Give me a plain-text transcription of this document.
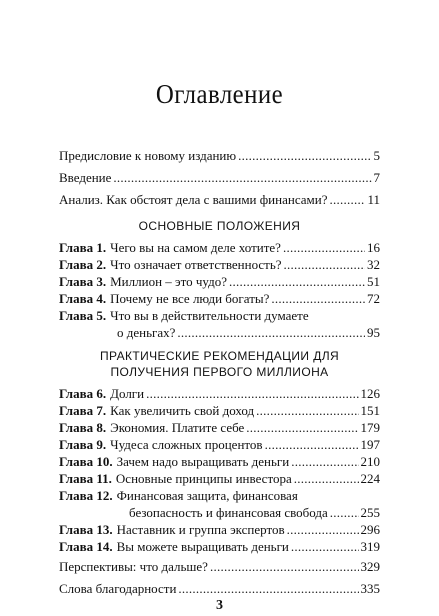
Оглавление
Предисловие к новому изданию . . .	5
Введение . . .	7
Анализ. Как обстоят дела с вашими финансами? . . .	11
ОСНОВНЫЕ ПОЛОЖЕНИЯ
Глава 1. Чего вы на самом деле хотите? . . .	16
Глава 2. Что означает ответственность? . . .	32
Глава 3. Миллион – это чудо? . . .	51
Глава 4. Почему не все люди богаты? . . .	72
Глава 5. Что вы в действительности думаете
о деньгах? . . .	95
ПРАКТИЧЕСКИЕ РЕКОМЕНДАЦИИ ДЛЯ
ПОЛУЧЕНИЯ ПЕРВОГО МИЛЛИОНА
Глава 6. Долги . . .	126
Глава 7. Как увеличить свой доход . . .	151
Глава 8. Экономия. Платите себе . . .	179
Глава 9. Чудеса сложных процентов . . .	197
Глава 10. Зачем надо выращивать деньги . . .	210
Глава 11. Основные принципы инвестора . . .	224
Глава 12. Финансовая защита, финансовая
безопасность и финансовая свобода . . .	255
Глава 13. Наставник и группа экспертов . . .	296
Глава 14. Вы можете выращивать деньги . . .	319
Перспективы: что дальше? . . .	329
Слова благодарности . . .	335
3
